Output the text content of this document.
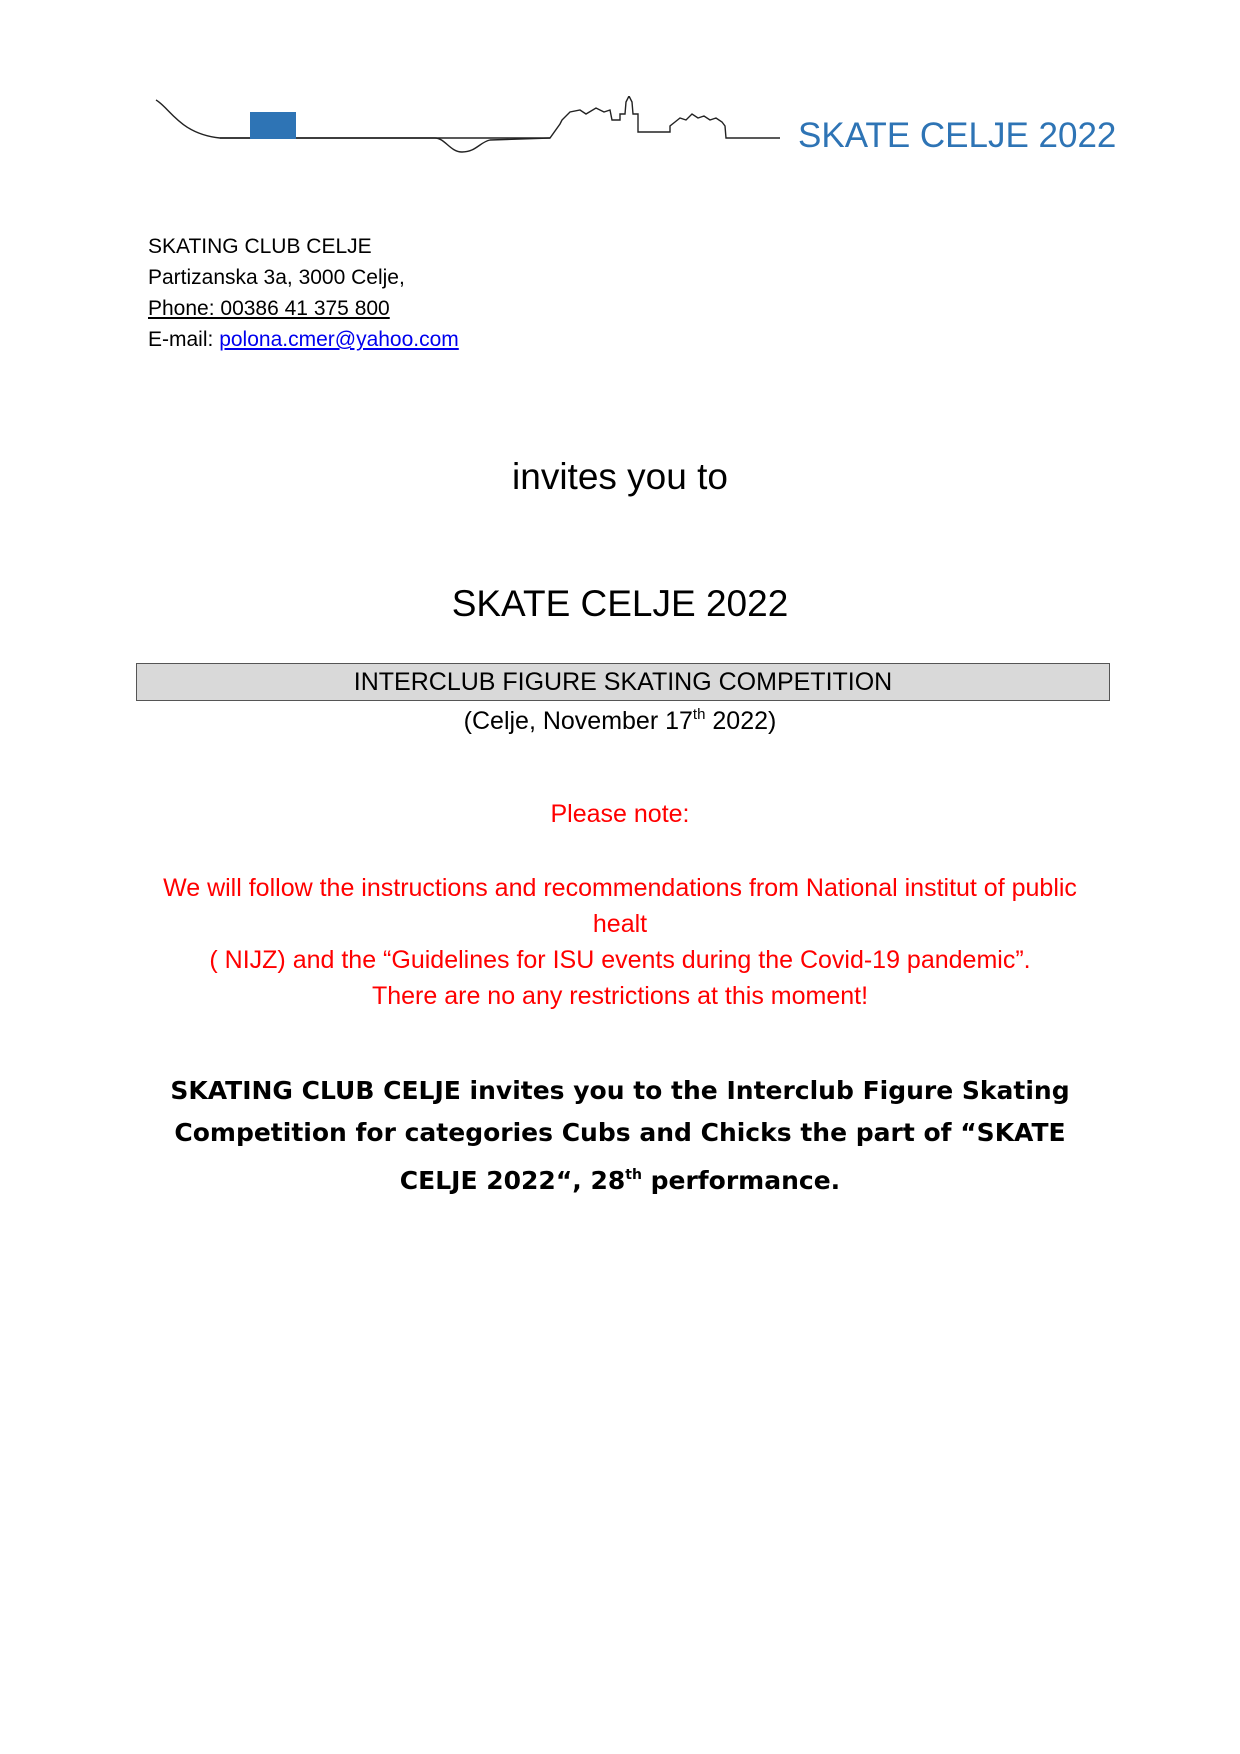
SKATE CELJE 2022
SKATING CLUB CELJE
Partizanska 3a, 3000 Celje,
Phone: 00386 41 375 800
E-mail: polona.cmer@yahoo.com
invites you to
SKATE CELJE 2022
INTERCLUB FIGURE SKATING COMPETITION
(Celje, November 17th 2022)
Please note:
We will follow the instructions and recommendations from National institut of public healt
( NIJZ) and the “Guidelines for ISU events during the Covid-19 pandemic”.
There are no any restrictions at this moment!
SKATING CLUB CELJE invites you to the Interclub Figure Skating
Competition for categories Cubs and Chicks the part of “SKATE
CELJE 2022“, 28th performance.
